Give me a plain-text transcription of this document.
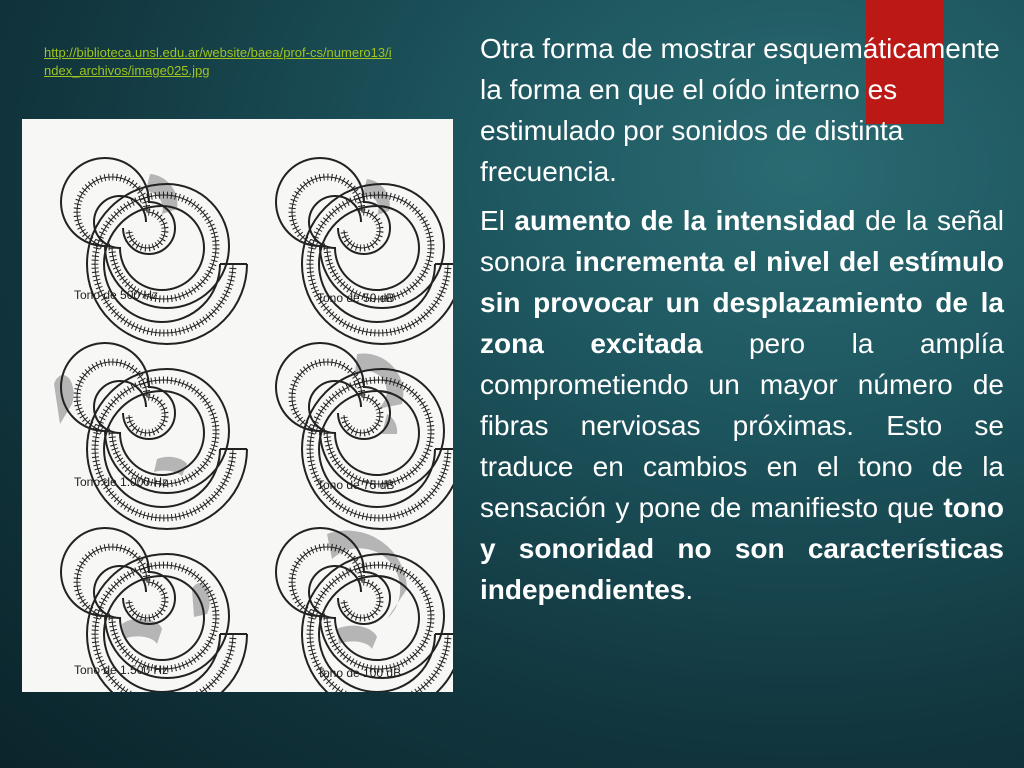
http://biblioteca.unsl.edu.ar/website/baea/prof-cs/numero13/index_archivos/image025.jpg
Tono de 500 Hz	Tono de 50 dB
Tono de 1.000 Hz	Tono de 75 dB
Tono de 1.500 Hz	Tono de 100 dB

Otra forma de mostrar esquemáticamente la forma en que el oído interno es estimulado por sonidos de distinta frecuencia.

El aumento de la intensidad de la señal sonora incrementa el nivel del estímulo sin provocar un desplazamiento de la zona excitada pero la amplía comprometiendo un mayor número de fibras nerviosas próximas. Esto se traduce en cambios en el tono de la sensación y pone de manifiesto que tono y sonoridad no son características independientes.
